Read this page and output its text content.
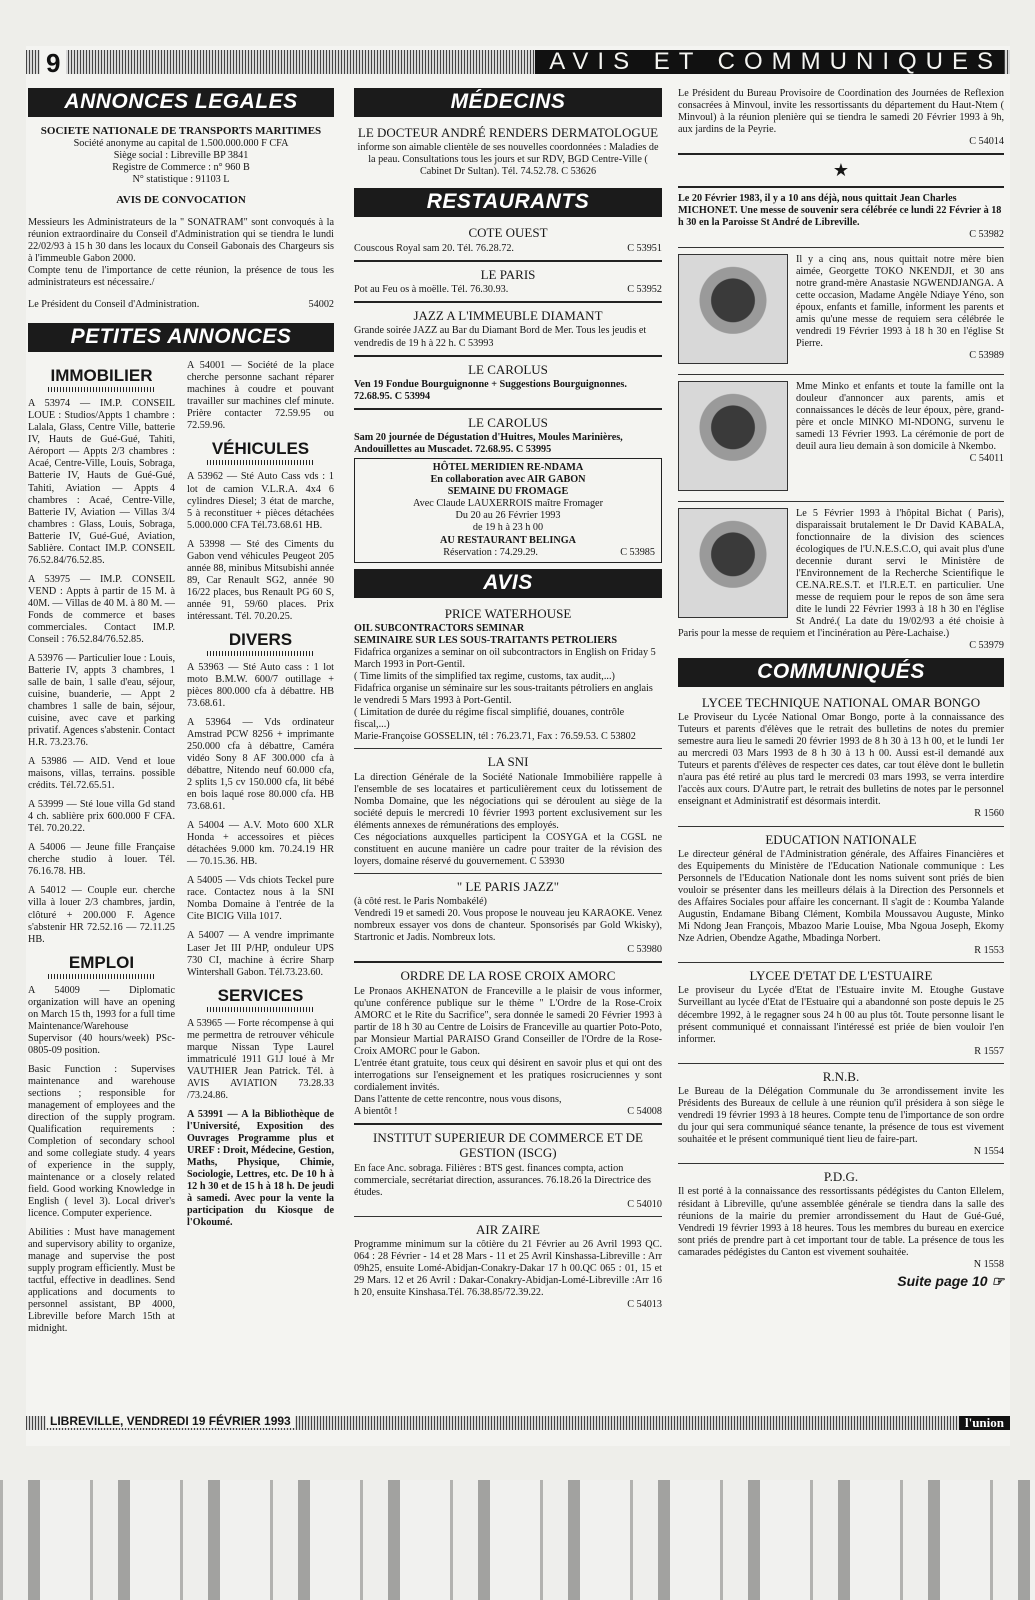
9	AVIS ET COMMUNIQUES
ANNONCES LEGALES
SOCIETE NATIONALE DE TRANSPORTS MARITIMES
Société anonyme au capital de 1.500.000.000 F CFA
Siège social : Libreville BP 3841
Registre de Commerce : n° 960 B
N° statistique : 91103 L
AVIS DE CONVOCATION
Messieurs les Administrateurs de la " SONATRAM" sont convoqués à la réunion extraordinaire du Conseil d'Administration qui se tiendra le lundi 22/02/93 à 15 h 30 dans les locaux du Conseil Gabonais des Chargeurs sis à l'immeuble Gabon 2000.
Compte tenu de l'importance de cette réunion, la présence de tous les administrateurs est nécessaire./
Le Président du Conseil d'Administration.	54002
PETITES ANNONCES
IMMOBILIER
A 53974 — IM.P. CONSEIL LOUE : Studios/Appts 1 chambre : Lalala, Glass, Centre Ville, batterie IV, Hauts de Gué-Gué, Tahiti, Aéroport — Appts 2/3 chambres : Acaé, Centre-Ville, Louis, Sobraga, Batterie IV, Hauts de Gué-Gué, Tahiti, Aviation — Appts 4 chambres : Acaé, Centre-Ville, Batterie IV, Aviation — Villas 3/4 chambres : Glass, Louis, Sobraga, Batterie IV, Gué-Gué, Aviation, Sablière. Contact IM.P. CONSEIL 76.52.84/76.52.85.
A 53975 — IM.P. CONSEIL VEND : Appts à partir de 15 M. à 40M. — Villas de 40 M. à 80 M. — Fonds de commerce et bases commerciales. Contact IM.P. Conseil : 76.52.84/76.52.85.
A 53976 — Particulier loue : Louis, Batterie IV, appts 3 chambres, 1 salle de bain, 1 salle d'eau, séjour, cuisine, buanderie, — Appt 2 chambres 1 salle de bain, séjour, cuisine, avec cave et parking privatif. Agences s'abstenir. Contact H.R. 73.23.76.
A 53986 — AID. Vend et loue maisons, villas, terrains. possible crédits. Tél.72.65.51.
A 53999 — Sté loue villa Gd stand 4 ch. sablière prix 600.000 F CFA. Tél. 70.20.22.
A 54006 — Jeune fille Française cherche studio à louer. Tél. 76.16.78. HB.
A 54012 — Couple eur. cherche villa à louer 2/3 chambres, jardin, clôturé + 200.000 F. Agence s'abstenir HR 72.52.16 — 72.11.25 HB.
EMPLOI
A 54009 — Diplomatic organization will have an opening on March 15 th, 1993 for a full time Maintenance/Warehouse Supervisor (40 hours/week) PSc-0805-09 position.
Basic Function : Supervises maintenance and warehouse sections ; responsible for management of employees and the direction of the supply program. Qualification requirements : Completion of secondary school and some collegiate study. 4 years of experience in the supply, maintenance or a closely related field. Good working Knowledge in English ( level 3). Local driver's licence. Computer experience.
Abilities : Must have management and supervisory ability to organize, manage and supervise the post supply program efficiently. Must be tactful, effective in deadlines. Send applications and documents to personnel assistant, BP 4000, Libreville before March 15th at midnight.
A 54001 — Société de la place cherche personne sachant réparer machines à coudre et pouvant travailler sur machines clef minute. Prière contacter 72.59.95 ou 72.59.96.
VÉHICULES
A 53962 — Sté Auto Cass vds : 1 lot de camion V.L.R.A. 4x4 6 cylindres Diesel; 3 état de marche, 5 à reconstituer + pièces détachées 5.000.000 CFA Tél.73.68.61 HB.
A 53998 — Sté des Ciments du Gabon vend véhicules Peugeot 205 année 88, minibus Mitsubishi année 89, Car Renault SG2, année 90 16/22 places, bus Renault PG 60 S, année 91, 59/60 places. Prix intéressant. Tél. 70.20.25.
DIVERS
A 53963 — Sté Auto cass : 1 lot moto B.M.W. 600/7 outillage + pièces 800.000 cfa à débattre. HB 73.68.61.
A 53964 — Vds ordinateur Amstrad PCW 8256 + imprimante 250.000 cfa à débattre, Caméra vidéo Sony 8 AF 300.000 cfa à débattre, Nitendo neuf 60.000 cfa, 2 splits 1,5 cv 150.000 cfa, lit bébé en bois laqué rose 80.000 cfa. HB 73.68.61.
A 54004 — A.V. Moto 600 XLR Honda + accessoires et pièces détachées 9.000 km. 70.24.19 HR — 70.15.36. HB.
A 54005 — Vds chiots Teckel pure race. Contactez nous à la SNI Nomba Domaine à l'entrée de la Cite BICIG Villa 1017.
A 54007 — A vendre imprimante Laser Jet III P/HP, onduleur UPS 730 CI, machine à écrire Sharp Wintershall Gabon. Tél.73.23.60.
SERVICES
A 53965 — Forte récompense à qui me permettra de retrouver véhicule marque Nissan Type Laurel immatriculé 1911 G1J loué à Mr VAUTHIER Jean Patrick. Tél. à AVIS AVIATION 73.28.33 /73.24.86.
A 53991 — A la Bibliothèque de l'Université, Exposition des Ouvrages Programme plus et UREF : Droit, Médecine, Gestion, Maths, Physique, Chimie, Sociologie, Lettres, etc. De 10 h à 12 h 30 et de 15 h à 18 h. De jeudi à samedi. Avec pour la vente la participation du Kiosque de l'Okoumé.
MÉDECINS
LE DOCTEUR ANDRÉ RENDERS DERMATOLOGUE
informe son aimable clientèle de ses nouvelles coordonnées : Maladies de la peau. Consultations tous les jours et sur RDV, BGD Centre-Ville ( Cabinet Dr Sultan). Tél. 74.52.78. C 53626
RESTAURANTS
COTE OUEST
Couscous Royal sam 20. Tél. 76.28.72.	C 53951
LE PARIS
Pot au Feu os à moëlle. Tél. 76.30.93.	C 53952
JAZZ A L'IMMEUBLE DIAMANT
Grande soirée JAZZ au Bar du Diamant Bord de Mer. Tous les jeudis et vendredis de 19 h à 22 h. C 53993
LE CAROLUS
Ven 19 Fondue Bourguignonne + Suggestions Bourguignonnes. 72.68.95. C 53994
LE CAROLUS
Sam 20 journée de Dégustation d'Huitres, Moules Marinières, Andouillettes au Muscadet. 72.68.95. C 53995
HÔTEL MERIDIEN RE-NDAMA
En collaboration avec AIR GABON
SEMAINE DU FROMAGE
Avec Claude LAUXERROIS maître Fromager
Du 20 au 26 Février 1993
de 19 h à 23 h 00
AU RESTAURANT BELINGA
Réservation : 74.29.29.	C 53985
AVIS
PRICE WATERHOUSE
OIL SUBCONTRACTORS SEMINAR
SEMINAIRE SUR LES SOUS-TRAITANTS PETROLIERS
Fidafrica organizes a seminar on oil subcontractors in English on Friday 5 March 1993 in Port-Gentil.
( Time limits of the simplified tax regime, customs, tax audit,...)
Fidafrica organise un séminaire sur les sous-traitants pétroliers en anglais le vendredi 5 Mars 1993 à Port-Gentil.
( Limitation de durée du régime fiscal simplifié, douanes, contrôle fiscal,...)
Marie-Françoise GOSSELIN, tél : 76.23.71, Fax : 76.59.53. C 53802
LA SNI
La direction Générale de la Société Nationale Immobilière rappelle à l'ensemble de ses locataires et particulièrement ceux du lotissement de Nomba Domaine, que les négociations qui se déroulent au siège de la société depuis le mercredi 10 février 1993 portent exclusivement sur les éléments annexes de rémunérations des employés.
Ces négociations auxquelles participent la COSYGA et la CGSL ne constituent en aucune manière un cadre pour traiter de la révision des loyers, domaine réservé du gouvernement. C 53930
" LE PARIS JAZZ"
(à côté rest. le Paris Nombakélé)
Vendredi 19 et samedi 20. Vous propose le nouveau jeu KARAOKE. Venez nombreux essayer vos dons de chanteur. Sponsorisés par Gold Wkisky), Startronic et Jadis. Nombreux lots.
C 53980
ORDRE DE LA ROSE CROIX AMORC
Le Pronaos AKHENATON de Franceville a le plaisir de vous informer, qu'une conférence publique sur le thème " L'Ordre de la Rose-Croix AMORC et le Rite du Sacrifice", sera donnée le samedi 20 Février 1993 à partir de 18 h 30 au Centre de Loisirs de Franceville au quartier Poto-Poto, par Monsieur Martial PARAISO Grand Conseiller de l'Ordre de la Rose-Croix AMORC pour le Gabon.
L'entrée étant gratuite, tous ceux qui désirent en savoir plus et qui ont des interrogations sur l'enseignement et les pratiques rosicruciennes y sont cordialement invités.
Dans l'attente de cette rencontre, nous vous disons,
A bientôt !	C 54008
INSTITUT SUPERIEUR DE COMMERCE ET DE GESTION (ISCG)
En face Anc. sobraga. Filières : BTS gest. finances compta, action commerciale, secrétariat direction, assurances. 76.18.26 la Directrice des études.
C 54010
AIR ZAIRE
Programme minimum sur la côtière du 21 Février au 26 Avril 1993 QC. 064 : 28 Février - 14 et 28 Mars - 11 et 25 Avril Kinshassa-Libreville : Arr 09h25, ensuite Lomé-Abidjan-Conakry-Dakar 17 h 00.QC 065 : 01, 15 et 29 Mars. 12 et 26 Avril : Dakar-Conakry-Abidjan-Lomé-Libreville :Arr 16 h 20, ensuite Kinshasa.Tél. 76.38.85/72.39.22.
C 54013
Le Président du Bureau Provisoire de Coordination des Journées de Reflexion consacrées à Minvoul, invite les ressortissants du département du Haut-Ntem ( Minvoul) à la réunion plenière qui se tiendra le samedi 20 Février 1993 à 9h, aux jardins de la Peyrie.
C 54014
★
Le 20 Février 1983, il y a 10 ans déjà, nous quittait Jean Charles MICHONET. Une messe de souvenir sera célébrée ce lundi 22 Février à 18 h 30 en la Paroisse St André de Libreville.
C 53982
Il y a cinq ans, nous quittait notre mère bien aimée, Georgette TOKO NKENDJI, et 30 ans notre grand-mère Anastasie NGWENDJANGA. A cette occasion, Madame Angèle Ndiaye Yéno, son époux, enfants et famille, informent les parents et amis qu'une messe de requiem sera célébrée le vendredi 19 Février 1993 à 18 h 30 en l'église St Pierre.
C 53989
Mme Minko et enfants et toute la famille ont la douleur d'annoncer aux parents, amis et connaissances le décès de leur époux, père, grand-père et oncle MINKO MI-NDONG, survenu le samedi 13 Février 1993. La cérémonie de port de deuil aura lieu demain à son domicile à Nkembo.
C 54011
Le 5 Février 1993 à l'hôpital Bichat ( Paris), disparaissait brutalement le Dr David KABALA, fonctionnaire de la division des sciences écologiques de l'U.N.E.S.C.O, qui avait plus d'une decennie durant servi le Ministère de l'Environnement de la Recherche Scientifique le CE.NA.RE.S.T. et l'I.R.E.T. en particulier. Une messe de requiem pour le repos de son âme sera dite le lundi 22 Février 1993 à 18 h 30 en l'église St André.( La date du 19/02/93 a été choisie à Paris pour la messe de requiem et l'incinération au Père-Lachaise.)
C 53979
COMMUNIQUÉS
LYCEE TECHNIQUE NATIONAL OMAR BONGO
Le Proviseur du Lycée National Omar Bongo, porte à la connaissance des Tuteurs et parents d'élèves que le retrait des bulletins de notes du premier semestre aura lieu le samedi 20 février 1993 de 8 h 30 à 13 h 00, et le lundi 1er au mercredi 03 Mars 1993 de 8 h 30 à 13 h 00. Aussi est-il demandé aux Tuteurs et parents d'élèves de respecter ces dates, car tout élève dont le bulletin n'aura pas été retiré au plus tard le mercredi 03 mars 1993, se verra interdire l'accès aux cours. D'Autre part, le retrait des bulletins de notes par le personnel enseignant et Administratif est désormais interdit.
R 1560
EDUCATION NATIONALE
Le directeur général de l'Administration générale, des Affaires Financières et des Equipements du Ministère de l'Education Nationale communique : Les Personnels de l'Education Nationale dont les noms suivent sont priés de bien vouloir se présenter dans les meilleurs délais à la Direction des Personnels et des Affaires Sociales pour affaire les concernant. Il s'agit de : Koumba Yalande Augustin, Endamane Bibang Clément, Kombila Moussavou Auguste, Minko Mi Ndong Jean François, Mbazoo Marie Louise, Mba Ngoua Joseph, Ekomy Nze Adrien, Obendze Agathe, Mbadinga Norbert.
R 1553
LYCEE D'ETAT DE L'ESTUAIRE
Le proviseur du Lycée d'Etat de l'Estuaire invite M. Etoughe Gustave Surveillant au lycée d'Etat de l'Estuaire qui a abandonné son poste depuis le 25 décembre 1992, à le regagner sous 24 h 00 au plus tôt. Toute personne lisant le présent communiqué et connaissant l'intéressé est priée de bien vouloir l'en informer.
R 1557
R.N.B.
Le Bureau de la Délégation Communale du 3e arrondissement invite les Présidents des Bureaux de cellule à une réunion qu'il présidera à son siège le vendredi 19 février 1993 à 18 heures. Compte tenu de l'importance de son ordre du jour qui sera communiqué séance tenante, la présence de tous est vivement souhaitée et le présent communiqué tient lieu de faire-part.
N 1554
P.D.G.
Il est porté à la connaissance des ressortissants pédégistes du Canton Ellelem, résidant à Libreville, qu'une assemblée générale se tiendra dans la salle des réunions de la mairie du premier arrondissement du Haut de Gué-Gué, Vendredi 19 février 1993 à 18 heures. Tous les membres du bureau en exercice sont priés de prendre part à cet important tour de table. La présence de tous les camarades pédégistes du Canton est vivement souhaitée.
N 1558
Suite page 10 ☞
LIBREVILLE, VENDREDI 19 FÉVRIER 1993	l'union
